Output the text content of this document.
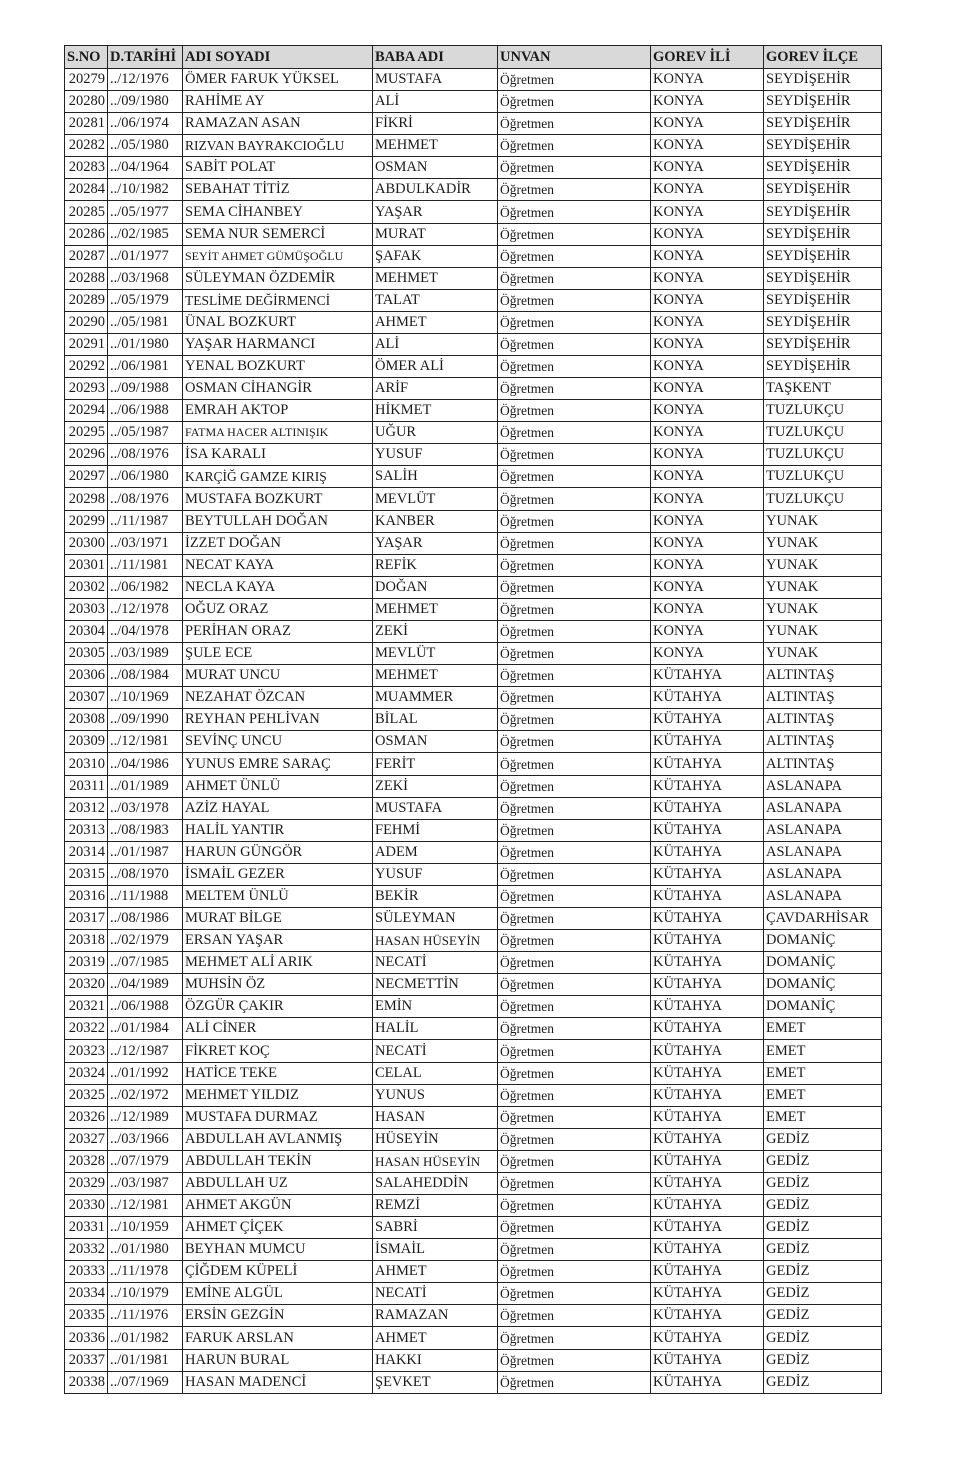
S.NO	D.TARİHİ	ADI SOYADI	BABA ADI	UNVAN	GOREV İLİ	GOREV İLÇE
20279	../12/1976	ÖMER FARUK YÜKSEL	MUSTAFA	Öğretmen	KONYA	SEYDİŞEHİR
20280	../09/1980	RAHİME AY	ALİ	Öğretmen	KONYA	SEYDİŞEHİR
20281	../06/1974	RAMAZAN ASAN	FİKRİ	Öğretmen	KONYA	SEYDİŞEHİR
20282	../05/1980	RIZVAN BAYRAKCIOĞLU	MEHMET	Öğretmen	KONYA	SEYDİŞEHİR
20283	../04/1964	SABİT POLAT	OSMAN	Öğretmen	KONYA	SEYDİŞEHİR
20284	../10/1982	SEBAHAT TİTİZ	ABDULKADİR	Öğretmen	KONYA	SEYDİŞEHİR
20285	../05/1977	SEMA CİHANBEY	YAŞAR	Öğretmen	KONYA	SEYDİŞEHİR
20286	../02/1985	SEMA NUR SEMERCİ	MURAT	Öğretmen	KONYA	SEYDİŞEHİR
20287	../01/1977	SEYİT AHMET GÜMÜŞOĞLU	ŞAFAK	Öğretmen	KONYA	SEYDİŞEHİR
20288	../03/1968	SÜLEYMAN ÖZDEMİR	MEHMET	Öğretmen	KONYA	SEYDİŞEHİR
20289	../05/1979	TESLİME DEĞİRMENCİ	TALAT	Öğretmen	KONYA	SEYDİŞEHİR
20290	../05/1981	ÜNAL BOZKURT	AHMET	Öğretmen	KONYA	SEYDİŞEHİR
20291	../01/1980	YAŞAR HARMANCI	ALİ	Öğretmen	KONYA	SEYDİŞEHİR
20292	../06/1981	YENAL BOZKURT	ÖMER ALİ	Öğretmen	KONYA	SEYDİŞEHİR
20293	../09/1988	OSMAN CİHANGİR	ARİF	Öğretmen	KONYA	TAŞKENT
20294	../06/1988	EMRAH AKTOP	HİKMET	Öğretmen	KONYA	TUZLUKÇU
20295	../05/1987	FATMA HACER ALTINIŞIK	UĞUR	Öğretmen	KONYA	TUZLUKÇU
20296	../08/1976	İSA KARALI	YUSUF	Öğretmen	KONYA	TUZLUKÇU
20297	../06/1980	KARÇİĞ GAMZE KIRIŞ	SALİH	Öğretmen	KONYA	TUZLUKÇU
20298	../08/1976	MUSTAFA BOZKURT	MEVLÜT	Öğretmen	KONYA	TUZLUKÇU
20299	../11/1987	BEYTULLAH DOĞAN	KANBER	Öğretmen	KONYA	YUNAK
20300	../03/1971	İZZET DOĞAN	YAŞAR	Öğretmen	KONYA	YUNAK
20301	../11/1981	NECAT KAYA	REFİK	Öğretmen	KONYA	YUNAK
20302	../06/1982	NECLA KAYA	DOĞAN	Öğretmen	KONYA	YUNAK
20303	../12/1978	OĞUZ ORAZ	MEHMET	Öğretmen	KONYA	YUNAK
20304	../04/1978	PERİHAN ORAZ	ZEKİ	Öğretmen	KONYA	YUNAK
20305	../03/1989	ŞULE ECE	MEVLÜT	Öğretmen	KONYA	YUNAK
20306	../08/1984	MURAT UNCU	MEHMET	Öğretmen	KÜTAHYA	ALTINTAŞ
20307	../10/1969	NEZAHAT ÖZCAN	MUAMMER	Öğretmen	KÜTAHYA	ALTINTAŞ
20308	../09/1990	REYHAN PEHLİVAN	BİLAL	Öğretmen	KÜTAHYA	ALTINTAŞ
20309	../12/1981	SEVİNÇ UNCU	OSMAN	Öğretmen	KÜTAHYA	ALTINTAŞ
20310	../04/1986	YUNUS EMRE SARAÇ	FERİT	Öğretmen	KÜTAHYA	ALTINTAŞ
20311	../01/1989	AHMET ÜNLÜ	ZEKİ	Öğretmen	KÜTAHYA	ASLANAPA
20312	../03/1978	AZİZ HAYAL	MUSTAFA	Öğretmen	KÜTAHYA	ASLANAPA
20313	../08/1983	HALİL YANTIR	FEHMİ	Öğretmen	KÜTAHYA	ASLANAPA
20314	../01/1987	HARUN GÜNGÖR	ADEM	Öğretmen	KÜTAHYA	ASLANAPA
20315	../08/1970	İSMAİL GEZER	YUSUF	Öğretmen	KÜTAHYA	ASLANAPA
20316	../11/1988	MELTEM ÜNLÜ	BEKİR	Öğretmen	KÜTAHYA	ASLANAPA
20317	../08/1986	MURAT BİLGE	SÜLEYMAN	Öğretmen	KÜTAHYA	ÇAVDARHİSAR
20318	../02/1979	ERSAN YAŞAR	HASAN HÜSEYİN	Öğretmen	KÜTAHYA	DOMANİÇ
20319	../07/1985	MEHMET ALİ ARIK	NECATİ	Öğretmen	KÜTAHYA	DOMANİÇ
20320	../04/1989	MUHSİN ÖZ	NECMETTİN	Öğretmen	KÜTAHYA	DOMANİÇ
20321	../06/1988	ÖZGÜR ÇAKIR	EMİN	Öğretmen	KÜTAHYA	DOMANİÇ
20322	../01/1984	ALİ CİNER	HALİL	Öğretmen	KÜTAHYA	EMET
20323	../12/1987	FİKRET KOÇ	NECATİ	Öğretmen	KÜTAHYA	EMET
20324	../01/1992	HATİCE TEKE	CELAL	Öğretmen	KÜTAHYA	EMET
20325	../02/1972	MEHMET YILDIZ	YUNUS	Öğretmen	KÜTAHYA	EMET
20326	../12/1989	MUSTAFA DURMAZ	HASAN	Öğretmen	KÜTAHYA	EMET
20327	../03/1966	ABDULLAH AVLANMIŞ	HÜSEYİN	Öğretmen	KÜTAHYA	GEDİZ
20328	../07/1979	ABDULLAH TEKİN	HASAN HÜSEYİN	Öğretmen	KÜTAHYA	GEDİZ
20329	../03/1987	ABDULLAH UZ	SALAHEDDİN	Öğretmen	KÜTAHYA	GEDİZ
20330	../12/1981	AHMET AKGÜN	REMZİ	Öğretmen	KÜTAHYA	GEDİZ
20331	../10/1959	AHMET ÇİÇEK	SABRİ	Öğretmen	KÜTAHYA	GEDİZ
20332	../01/1980	BEYHAN MUMCU	İSMAİL	Öğretmen	KÜTAHYA	GEDİZ
20333	../11/1978	ÇİĞDEM KÜPELİ	AHMET	Öğretmen	KÜTAHYA	GEDİZ
20334	../10/1979	EMİNE ALGÜL	NECATİ	Öğretmen	KÜTAHYA	GEDİZ
20335	../11/1976	ERSİN GEZGİN	RAMAZAN	Öğretmen	KÜTAHYA	GEDİZ
20336	../01/1982	FARUK ARSLAN	AHMET	Öğretmen	KÜTAHYA	GEDİZ
20337	../01/1981	HARUN BURAL	HAKKI	Öğretmen	KÜTAHYA	GEDİZ
20338	../07/1969	HASAN MADENCİ	ŞEVKET	Öğretmen	KÜTAHYA	GEDİZ
